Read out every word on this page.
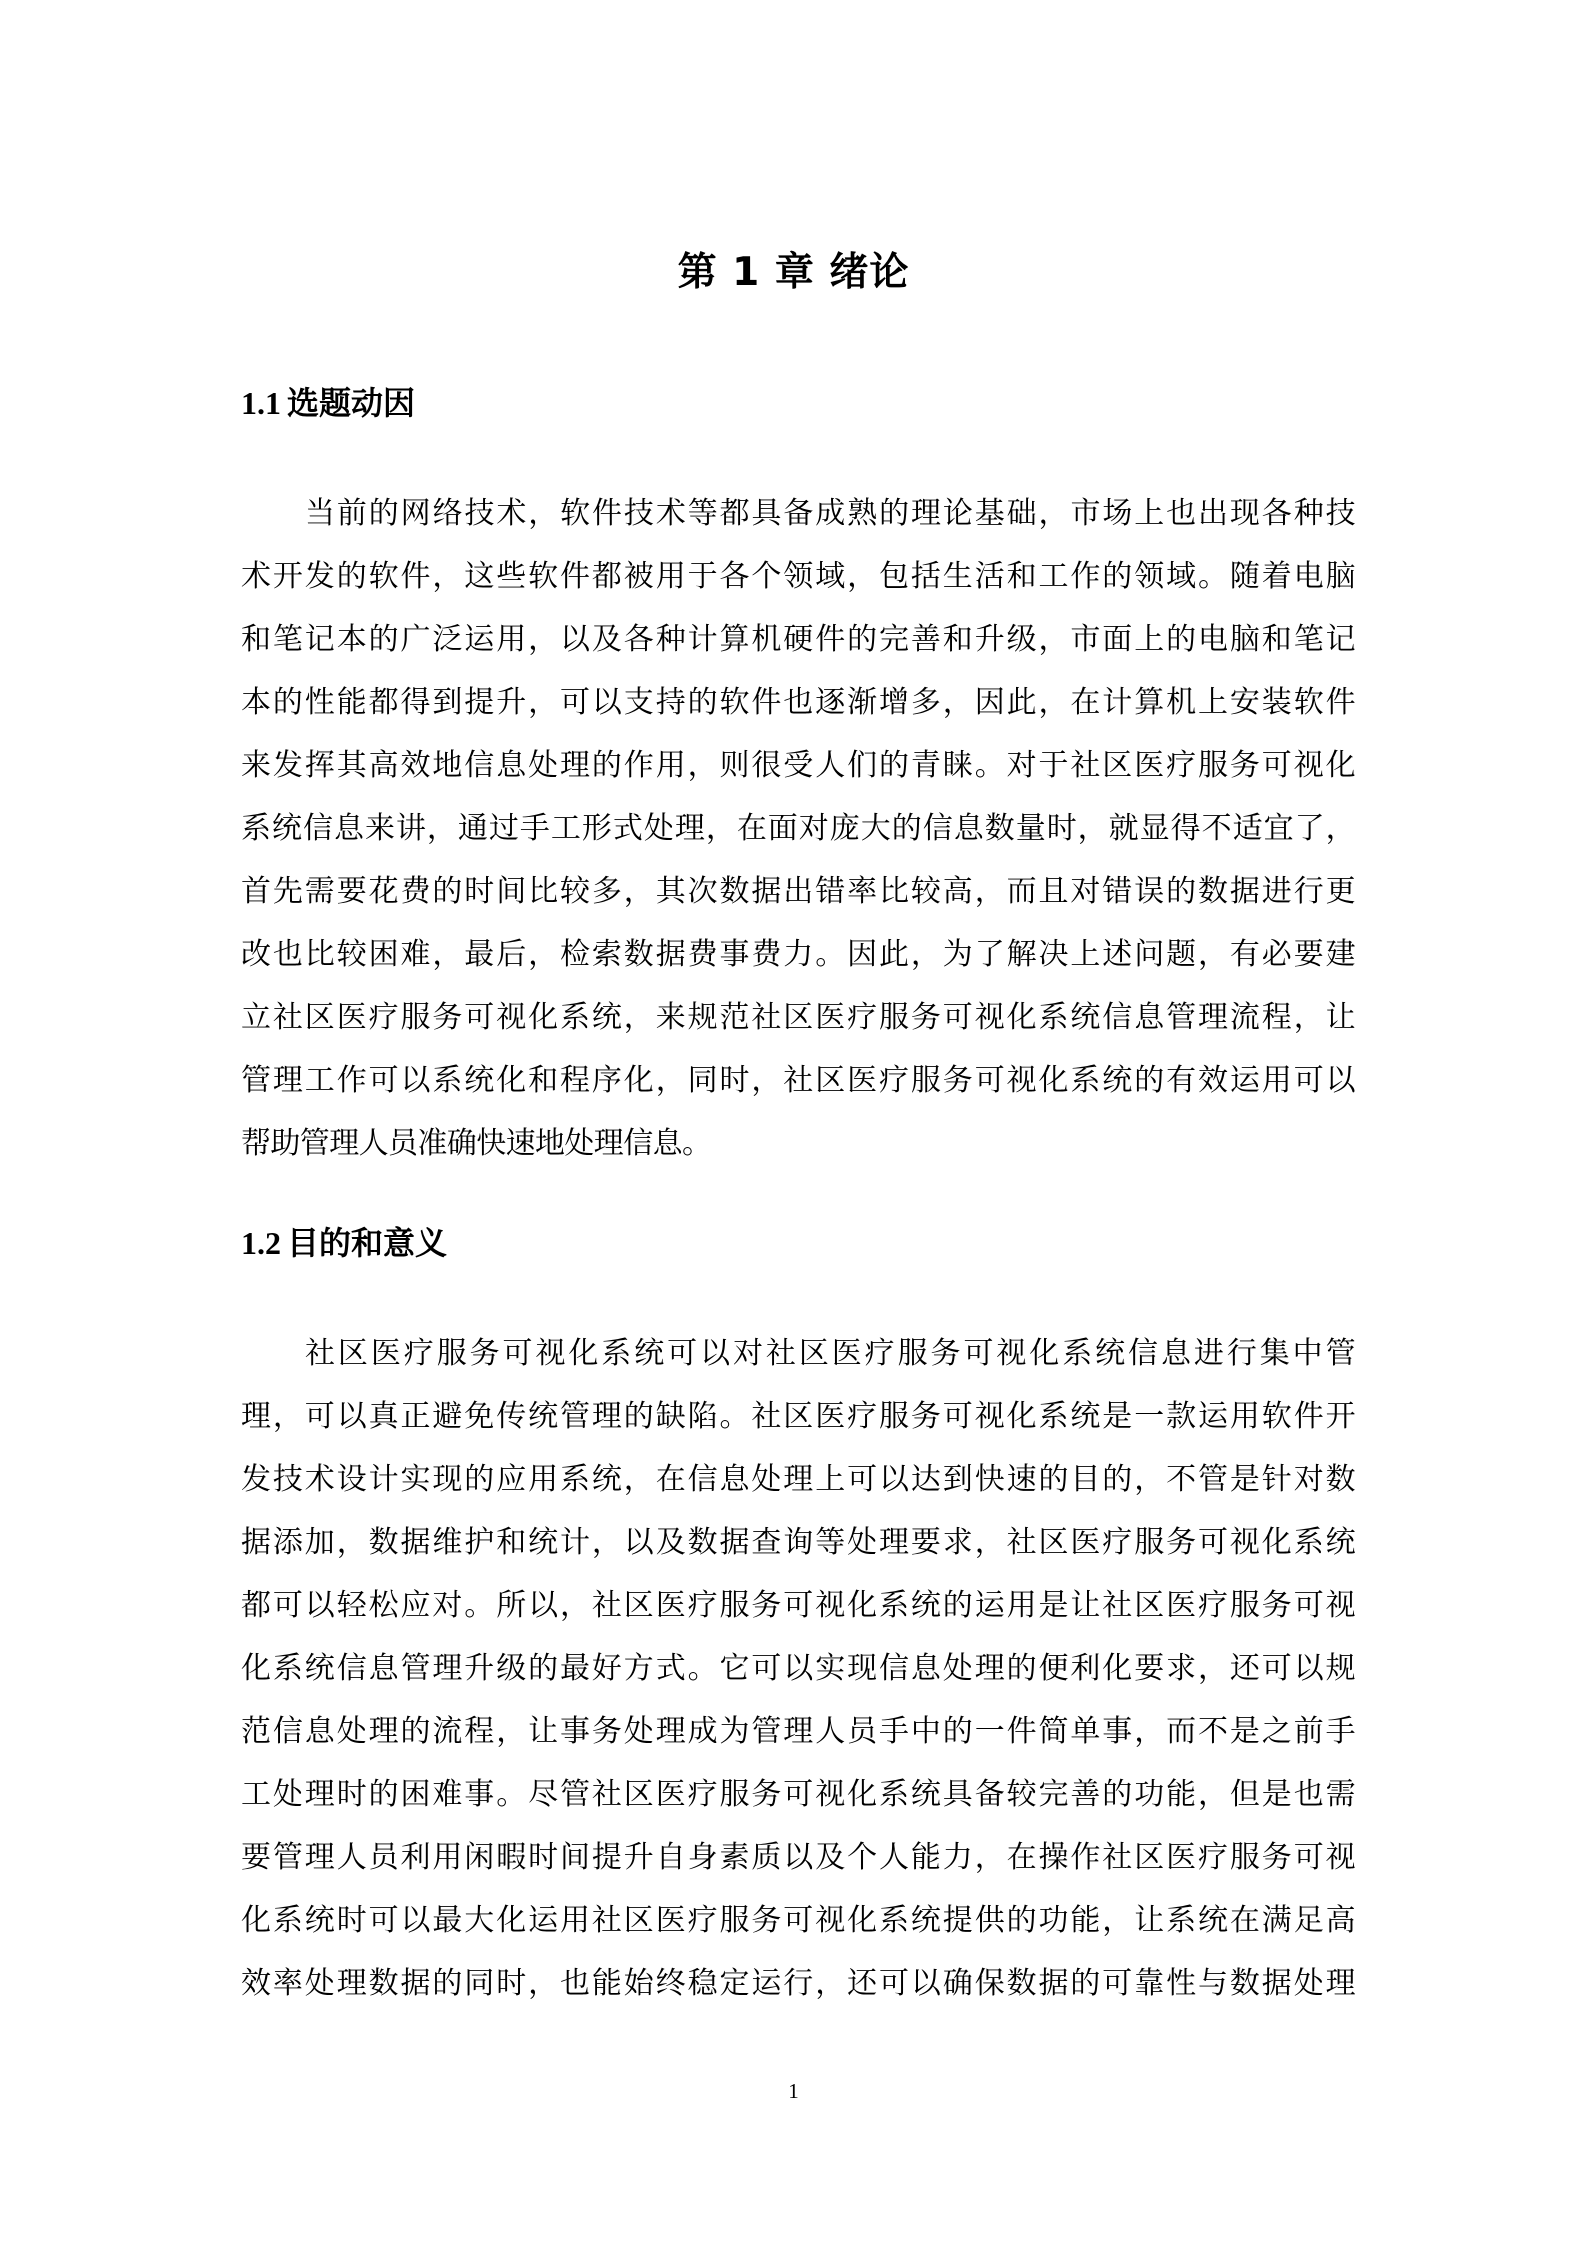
第 1 章 绪论
1.1 选题动因
当前的网络技术，软件技术等都具备成熟的理论基础，市场上也出现各种技
术开发的软件，这些软件都被用于各个领域，包括生活和工作的领域。随着电脑
和笔记本的广泛运用，以及各种计算机硬件的完善和升级，市面上的电脑和笔记
本的性能都得到提升，可以支持的软件也逐渐增多，因此，在计算机上安装软件
来发挥其高效地信息处理的作用，则很受人们的青睐。对于社区医疗服务可视化
系统信息来讲，通过手工形式处理，在面对庞大的信息数量时，就显得不适宜了，
首先需要花费的时间比较多，其次数据出错率比较高，而且对错误的数据进行更
改也比较困难，最后，检索数据费事费力。因此，为了解决上述问题，有必要建
立社区医疗服务可视化系统，来规范社区医疗服务可视化系统信息管理流程，让
管理工作可以系统化和程序化，同时，社区医疗服务可视化系统的有效运用可以
帮助管理人员准确快速地处理信息。
1.2 目的和意义
社区医疗服务可视化系统可以对社区医疗服务可视化系统信息进行集中管
理，可以真正避免传统管理的缺陷。社区医疗服务可视化系统是一款运用软件开
发技术设计实现的应用系统，在信息处理上可以达到快速的目的，不管是针对数
据添加，数据维护和统计，以及数据查询等处理要求，社区医疗服务可视化系统
都可以轻松应对。所以，社区医疗服务可视化系统的运用是让社区医疗服务可视
化系统信息管理升级的最好方式。它可以实现信息处理的便利化要求，还可以规
范信息处理的流程，让事务处理成为管理人员手中的一件简单事，而不是之前手
工处理时的困难事。尽管社区医疗服务可视化系统具备较完善的功能，但是也需
要管理人员利用闲暇时间提升自身素质以及个人能力，在操作社区医疗服务可视
化系统时可以最大化运用社区医疗服务可视化系统提供的功能，让系统在满足高
效率处理数据的同时，也能始终稳定运行，还可以确保数据的可靠性与数据处理
1
